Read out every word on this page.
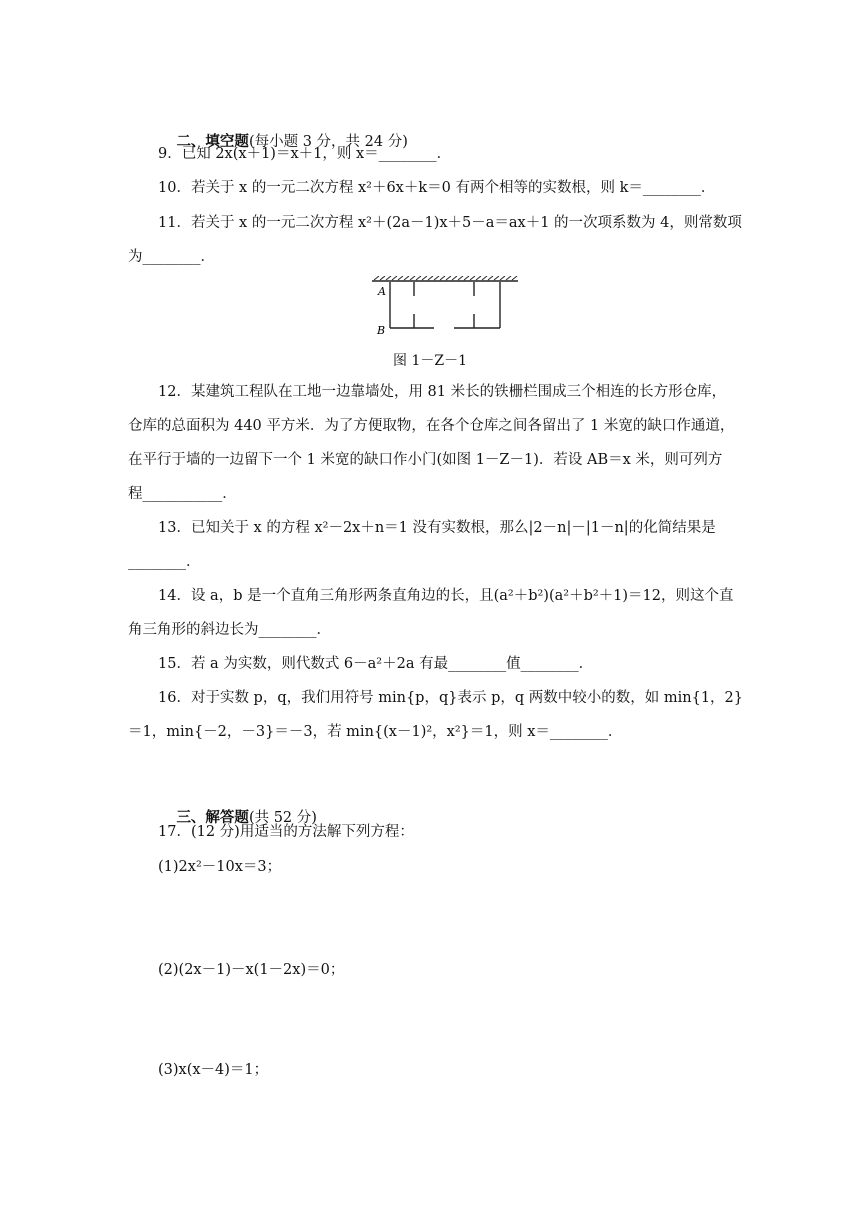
二、填空题(每小题 3 分，共 24 分)

9．已知 2x(x＋1)＝x＋1，则 x＝________．
10．若关于 x 的一元二次方程 x²＋6x＋k＝0 有两个相等的实数根，则 k＝________．
11．若关于 x 的一元二次方程 x²＋(2a－1)x＋5－a＝ax＋1 的一次项系数为 4，则常数项
为________．
A
B
图 1－Z－1
12．某建筑工程队在工地一边靠墙处，用 81 米长的铁栅栏围成三个相连的长方形仓库，
仓库的总面积为 440 平方米．为了方便取物，在各个仓库之间各留出了 1 米宽的缺口作通道，
在平行于墙的一边留下一个 1 米宽的缺口作小门(如图 1－Z－1)．若设 AB＝x 米，则可列方
程___________．
13．已知关于 x 的方程 x²－2x＋n＝1 没有实数根，那么|2－n|－|1－n|的化简结果是
________．
14．设 a，b 是一个直角三角形两条直角边的长，且(a²＋b²)(a²＋b²＋1)＝12，则这个直
角三角形的斜边长为________．
15．若 a 为实数，则代数式 6－a²＋2a 有最________值________．
16．对于实数 p，q，我们用符号 min{p，q}表示 p，q 两数中较小的数，如 min{1，2}
＝1，min{－2，－3}＝－3，若 min{(x－1)²，x²}＝1，则 x＝________．

三、解答题(共 52 分)

17．(12 分)用适当的方法解下列方程：
(1)2x²－10x＝3；
(2)(2x－1)－x(1－2x)＝0；
(3)x(x－4)＝1；
